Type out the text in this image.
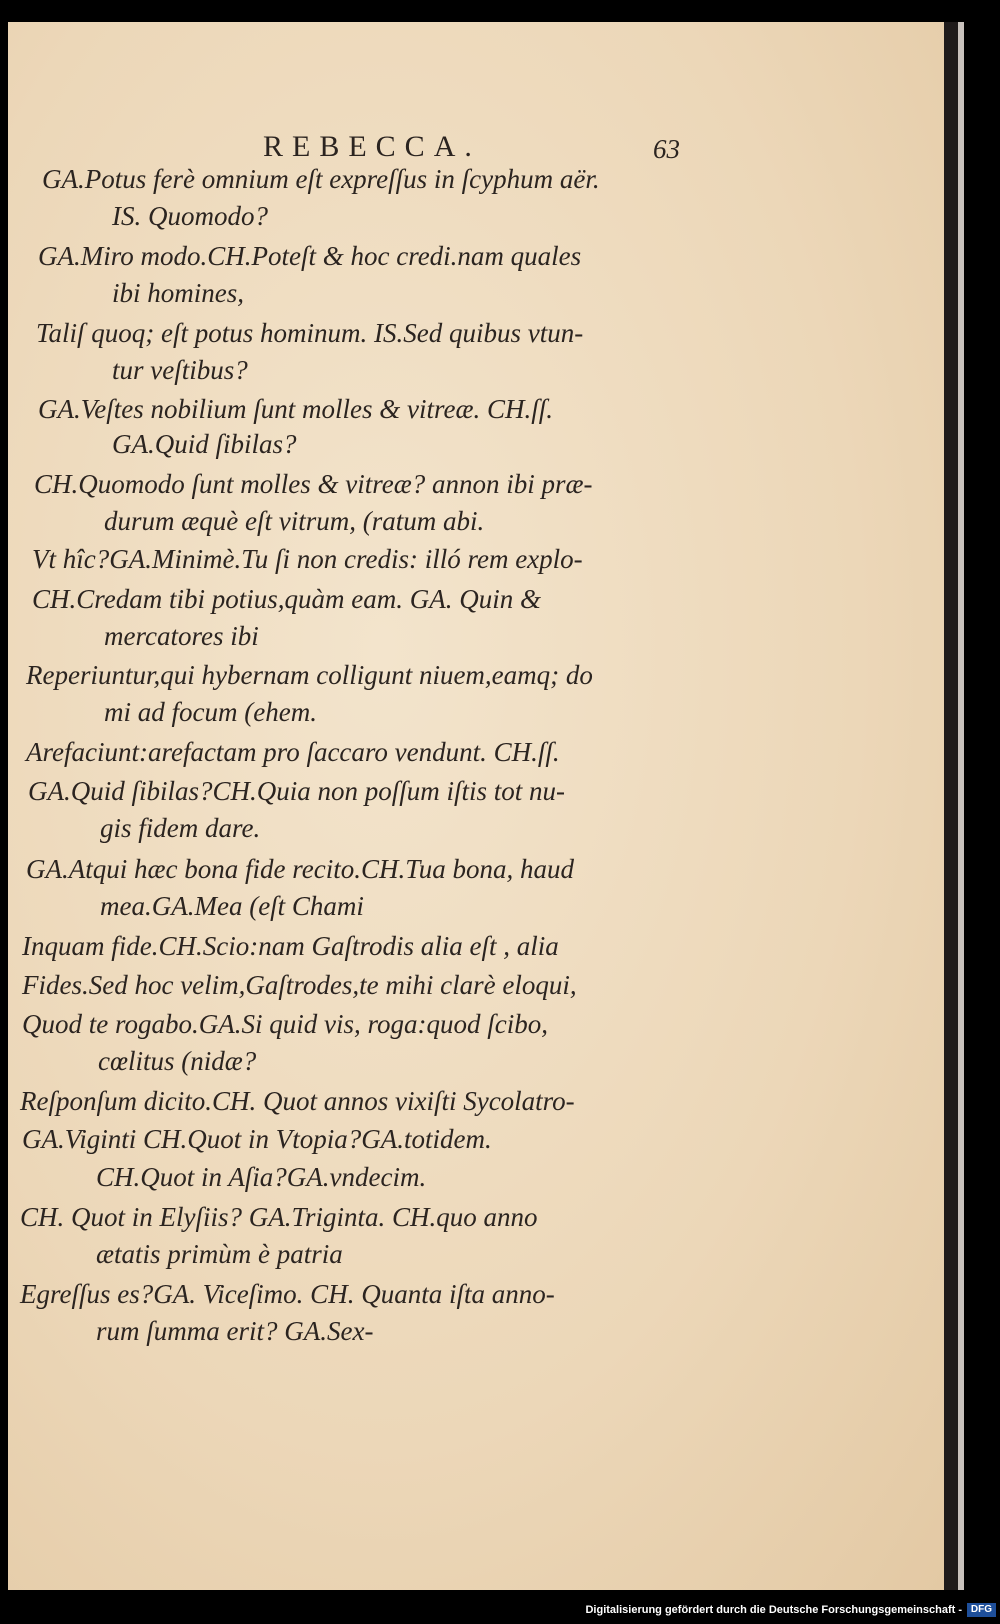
REBECCA.	63
GA.Potus ferè omnium eſt expreſſus in ſcyphum aër.
IS. Quomodo?
GA.Miro modo.CH.Poteſt & hoc credi.nam quales
ibi homines,
Taliſ quoq; eſt potus hominum. IS.Sed quibus vtun-
tur veſtibus?
GA.Veſtes nobilium ſunt molles & vitreæ. CH.ſſ.
GA.Quid ſibilas?
CH.Quomodo ſunt molles & vitreæ? annon ibi præ-
durum æquè eſt vitrum, (ratum abi.
Vt hîc?GA.Minimè.Tu ſi non credis: illó rem explo-
CH.Credam tibi potius,quàm eam. GA. Quin &
mercatores ibi
Reperiuntur,qui hybernam colligunt niuem,eamq; do
mi ad focum (ehem.
Arefaciunt:arefactam pro ſaccaro vendunt. CH.ſſ.
GA.Quid ſibilas?CH.Quia non poſſum iſtis tot nu-
gis fidem dare.
GA.Atqui hæc bona fide recito.CH.Tua bona, haud
mea.GA.Mea (eſt Chami
Inquam fide.CH.Scio:nam Gaſtrodis alia eſt , alia
Fides.Sed hoc velim,Gaſtrodes,te mihi clarè eloqui,
Quod te rogabo.GA.Si quid vis, roga:quod ſcibo,
cœlitus (nidæ?
Reſponſum dicito.CH. Quot annos vixiſti Sycolatro-
GA.Viginti CH.Quot in Vtopia?GA.totidem.
CH.Quot in Aſia?GA.vndecim.
CH. Quot in Elyſiis? GA.Triginta. CH.quo anno
ætatis primùm è patria
Egreſſus es?GA. Viceſimo. CH. Quanta iſta anno-
rum ſumma erit? GA.Sex-
Digitalisierung gefördert durch die Deutsche Forschungsgemeinschaft - DFG
